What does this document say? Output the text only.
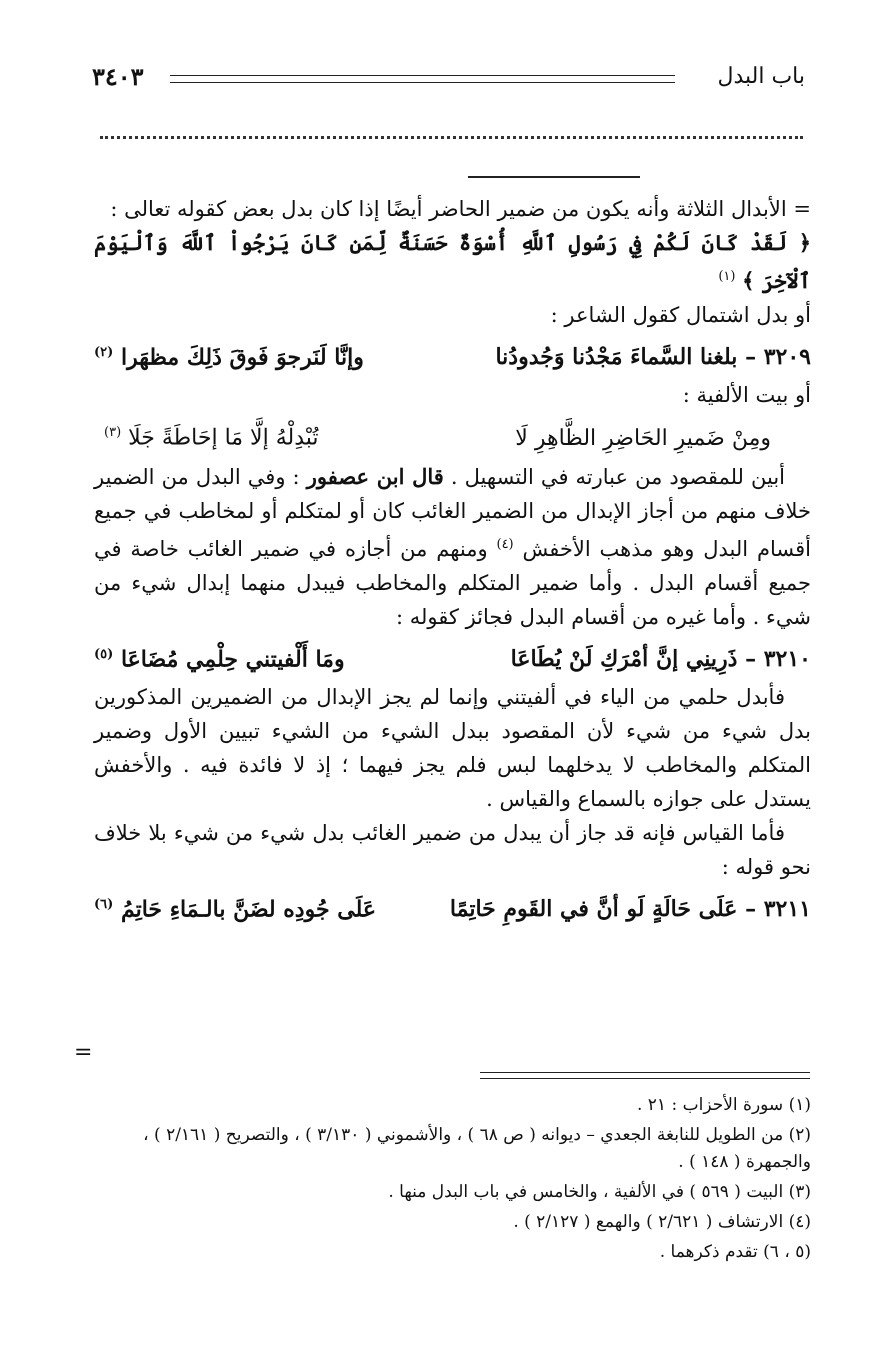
باب البدل
٣٤٠٣

= الأبدال الثلاثة وأنه يكون من ضمير الحاضر أيضًا إذا كان بدل بعض كقوله تعالى :

﴿ لَقَدْ كَانَ لَكُمْ فِي رَسُولِ ٱللَّهِ أُسْوَةٌ حَسَنَةٌ لِّمَن كَانَ يَرْجُواْ ٱللَّهَ وَٱلْيَوْمَ ٱلْآخِرَ ﴾ $^{(١)}$

أو بدل اشتمال كقول الشاعر :

٣٢٠٩ – بلغنا السَّماءَ مَجْدُنا وَجُدودُنا
وإنَّا لَنَرجوَ فَوقَ ذَلِكَ مظهَرا $^{(٢)}$

أو بيت الألفية :

ومِنْ ضَميرِ الحَاضِرِ الظَّاهِرِ لَا
تُبْدِلْهُ إلَّا مَا إحَاطَةً جَلَا $^{(٣)}$

أبين للمقصود من عبارته في التسهيل . قال ابن عصفور : وفي البدل من الضمير خلاف منهم من أجاز الإبدال من الضمير الغائب كان أو لمتكلم أو لمخاطب في جميع أقسام البدل وهو مذهب الأخفش $^{(٤)}$ ومنهم من أجازه في ضمير الغائب خاصة في جميع أقسام البدل . وأما ضمير المتكلم والمخاطب فيبدل منهما إبدال شيء من شيء . وأما غيره من أقسام البدل فجائز كقوله :

٣٢١٠ – ذَرِينِي إنَّ أمْرَكِ لَنْ يُطَاعَا
ومَا أَلْفيتني حِلْمِي مُضَاعَا $^{(٥)}$

فأبدل حلمي من الياء في ألفيتني وإنما لم يجز الإبدال من الضميرين المذكورين بدل شيء من شيء لأن المقصود ببدل الشيء من الشيء تبيين الأول وضمير المتكلم والمخاطب لا يدخلهما لبس فلم يجز فيهما ؛ إذ لا فائدة فيه . والأخفش يستدل على جوازه بالسماع والقياس .

فأما القياس فإنه قد جاز أن يبدل من ضمير الغائب بدل شيء من شيء بلا خلاف نحو قوله :

٣٢١١ – عَلَى حَالَةٍ لَو أنَّ في القَومِ حَاتِمًا
عَلَى جُودِه لضَنَّ بالـمَاءِ حَاتِمُ $^{(٦)}$
=

(١) سورة الأحزاب : ٢١ .

(٢) من الطويل للنابغة الجعدي – ديوانه ( ص ٦٨ ) ، والأشموني ( ٣/١٣٠ ) ، والتصريح ( ٢/١٦١ ) ، والجمهرة ( ١٤٨ ) .

(٣) البيت ( ٥٦٩ ) في الألفية ، والخامس في باب البدل منها .

(٤) الارتشاف ( ٢/٦٢١ ) والهمع ( ٢/١٢٧ ) .

(٥ ، ٦) تقدم ذكرهما .
